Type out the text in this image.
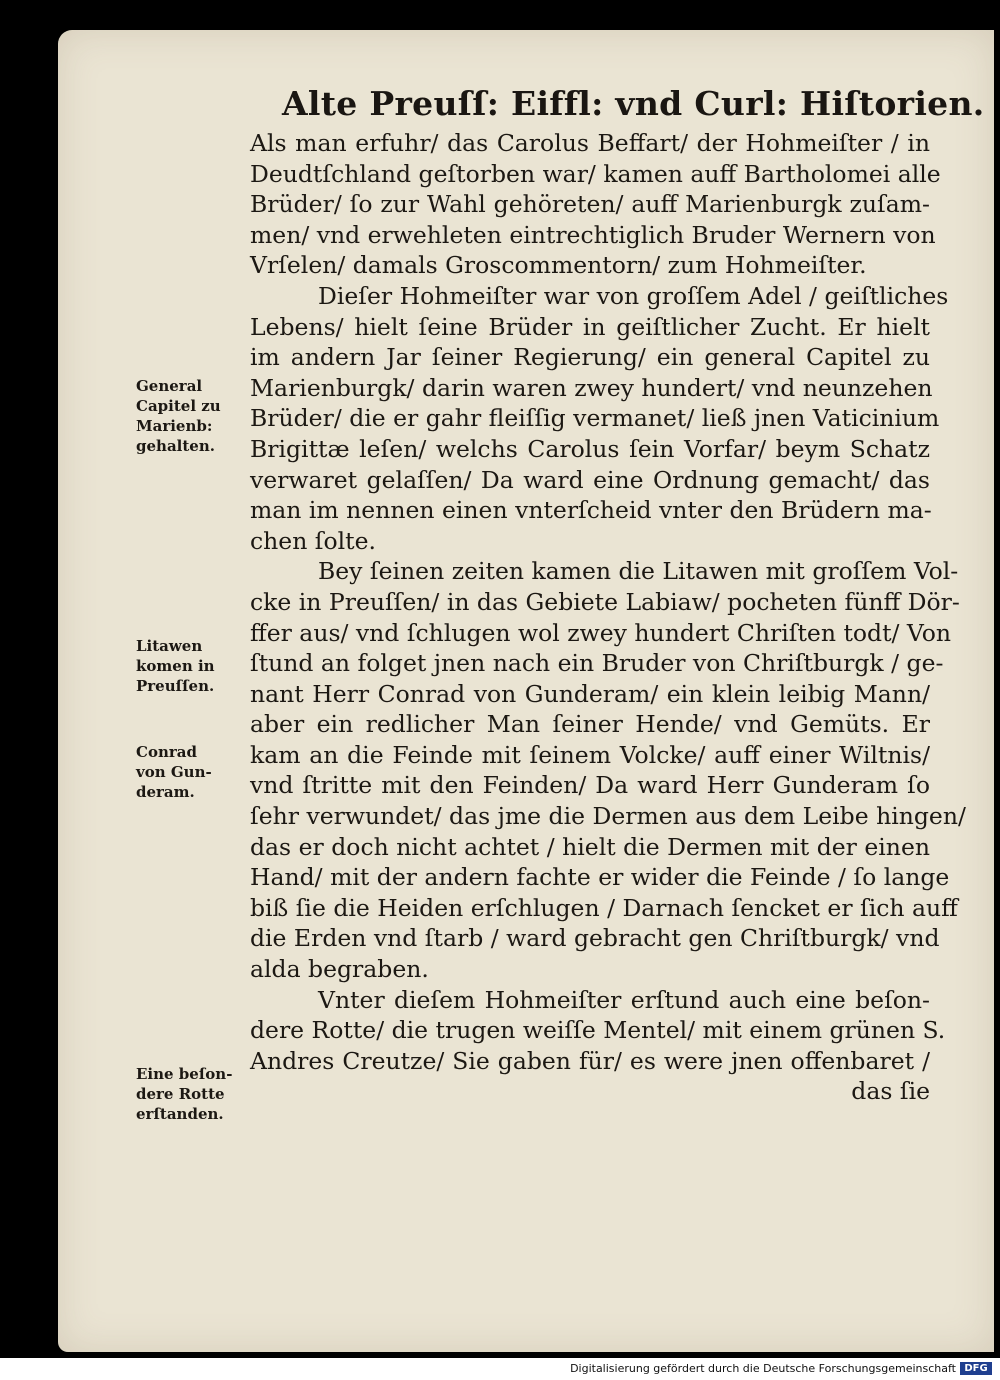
Alte Preuſſ: Eiffl: vnd Curl: Hiſtorien.
Als man erfuhr/ das Carolus Beffart/ der Hohmeiſter / in
Deudtſchland geſtorben war/ kamen auff Bartholomei alle
Brüder/ ſo zur Wahl gehöreten/ auff Marienburgk zuſam-
men/ vnd erwehleten eintrechtiglich Bruder Wernern von
Vrſelen/ damals Groscommentorn/ zum Hohmeiſter.
Dieſer Hohmeiſter war von groſſem Adel / geiſtliches
Lebens/ hielt ſeine Brüder in geiſtlicher Zucht. Er hielt
im andern Jar ſeiner Regierung/ ein general Capitel zu
Marienburgk/ darin waren zwey hundert/ vnd neunzehen
Brüder/ die er gahr fleiſſig vermanet/ ließ jnen Vaticinium
Brigittæ leſen/ welchs Carolus ſein Vorfar/ beym Schatz
verwaret gelaſſen/ Da ward eine Ordnung gemacht/ das
man im nennen einen vnterſcheid vnter den Brüdern ma-
chen ſolte.
Bey ſeinen zeiten kamen die Litawen mit groſſem Vol-
cke in Preuſſen/ in das Gebiete Labiaw/ pocheten fünff Dör-
ffer aus/ vnd ſchlugen wol zwey hundert Chriſten todt/ Von
ſtund an folget jnen nach ein Bruder von Chriſtburgk / ge-
nant Herr Conrad von Gunderam/ ein klein leibig Mann/
aber ein redlicher Man ſeiner Hende/ vnd Gemüts. Er
kam an die Feinde mit ſeinem Volcke/ auff einer Wiltnis/
vnd ſtritte mit den Feinden/ Da ward Herr Gunderam ſo
ſehr verwundet/ das jme die Dermen aus dem Leibe hingen/
das er doch nicht achtet / hielt die Dermen mit der einen
Hand/ mit der andern fachte er wider die Feinde / ſo lange
biß ſie die Heiden erſchlugen / Darnach ſencket er ſich auff
die Erden vnd ſtarb / ward gebracht gen Chriſtburgk/ vnd
alda begraben.
Vnter dieſem Hohmeiſter erſtund auch eine beſon-
dere Rotte/ die trugen weiſſe Mentel/ mit einem grünen S.
Andres Creutze/ Sie gaben für/ es were jnen offenbaret /
das ſie
General
Capitel zu
Marienb:
gehalten.
Litawen
komen in
Preuſſen.
Conrad
von Gun-
deram.
Eine beſon-
dere Rotte
erſtanden.
Digitalisierung gefördert durch die Deutsche Forschungsgemeinschaft DFG
